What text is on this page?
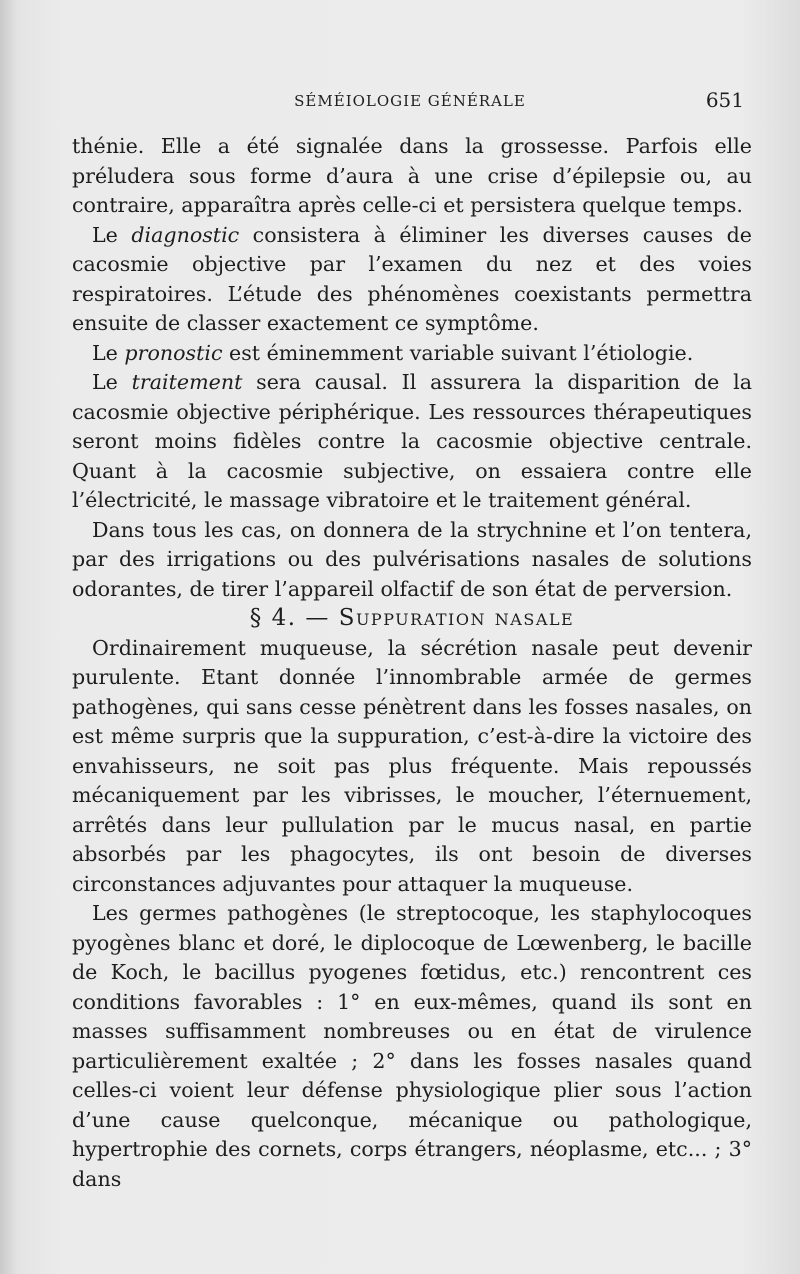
SÉMÉIOLOGIE GÉNÉRALE	651

thénie. Elle a été signalée dans la grossesse. Parfois elle préludera sous forme d’aura à une crise d’épilepsie ou, au contraire, apparaîtra après celle-ci et persistera quelque temps.

Le diagnostic consistera à éliminer les diverses causes de cacosmie objective par l’examen du nez et des voies respiratoires. L’étude des phénomènes coexistants permettra ensuite de classer exactement ce symptôme.

Le pronostic est éminemment variable suivant l’étiologie.

Le traitement sera causal. Il assurera la disparition de la cacosmie objective périphérique. Les ressources thérapeutiques seront moins fidèles contre la cacosmie objective centrale. Quant à la cacosmie subjective, on essaiera contre elle l’électricité, le massage vibratoire et le traitement général.

Dans tous les cas, on donnera de la strychnine et l’on tentera, par des irrigations ou des pulvérisations nasales de solutions odorantes, de tirer l’appareil olfactif de son état de perversion.

§ 4. — Suppuration nasale

Ordinairement muqueuse, la sécrétion nasale peut devenir purulente. Etant donnée l’innombrable armée de germes pathogènes, qui sans cesse pénètrent dans les fosses nasales, on est même surpris que la suppuration, c’est-à-dire la victoire des envahisseurs, ne soit pas plus fréquente. Mais repoussés mécaniquement par les vibrisses, le moucher, l’éternuement, arrêtés dans leur pullulation par le mucus nasal, en partie absorbés par les phagocytes, ils ont besoin de diverses circonstances adjuvantes pour attaquer la muqueuse.

Les germes pathogènes (le streptocoque, les staphylocoques pyogènes blanc et doré, le diplocoque de Lœwenberg, le bacille de Koch, le bacillus pyogenes fœtidus, etc.) rencontrent ces conditions favorables : 1° en eux-mêmes, quand ils sont en masses suffisamment nombreuses ou en état de virulence particulièrement exaltée ; 2° dans les fosses nasales quand celles-ci voient leur défense physiologique plier sous l’action d’une cause quelconque, mécanique ou pathologique, hypertrophie des cornets, corps étrangers, néoplasme, etc... ; 3° dans
